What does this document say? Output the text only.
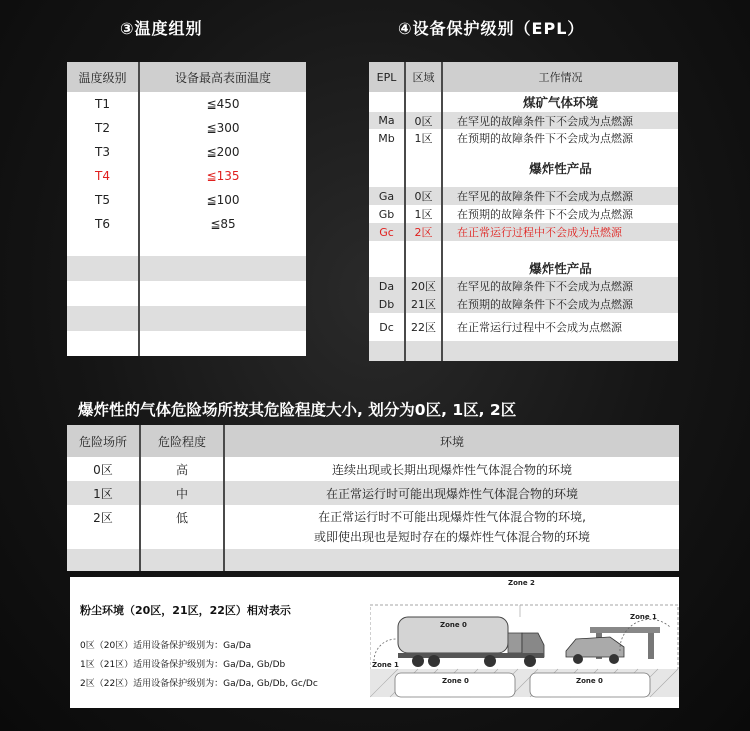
③温度组别	④设备保护级别（EPL）
温度级别	设备最高表面温度
T1	≦450
T2	≦300
T3	≦200
T4	≦135
T5	≦100
T6	≦85

EPL	区域	工作情况
		煤矿气体环境
Ma	0区	在罕见的故障条件下不会成为点燃源
Mb	1区	在预期的故障条件下不会成为点燃源

		爆炸性产品

Ga	0区	在罕见的故障条件下不会成为点燃源
Gb	1区	在预期的故障条件下不会成为点燃源
Gc	2区	在正常运行过程中不会成为点燃源

		爆炸性产品
Da	20区	在罕见的故障条件下不会成为点燃源
Db	21区	在预期的故障条件下不会成为点燃源
Dc	22区	在正常运行过程中不会成为点燃源

爆炸性的气体危险场所按其危险程度大小, 划分为0区, 1区, 2区
危险场所	危险程度	环境
0区	高	连续出现或长期出现爆炸性气体混合物的环境
1区	中	在正常运行时可能出现爆炸性气体混合物的环境
2区	低	在正常运行时不可能出现爆炸性气体混合物的环境,
或即使出现也是短时存在的爆炸性气体混合物的环境

粉尘环境（20区，21区，22区）相对表示
0区（20区）适用设备保护级别为：Ga/Da
1区（21区）适用设备保护级别为：Ga/Da, Gb/Db
2区（22区）适用设备保护级别为：Ga/Da, Gb/Db, Gc/Dc
Zone 2
Zone 0
Zone 1
Zone 1
Zone 0	Zone 0
